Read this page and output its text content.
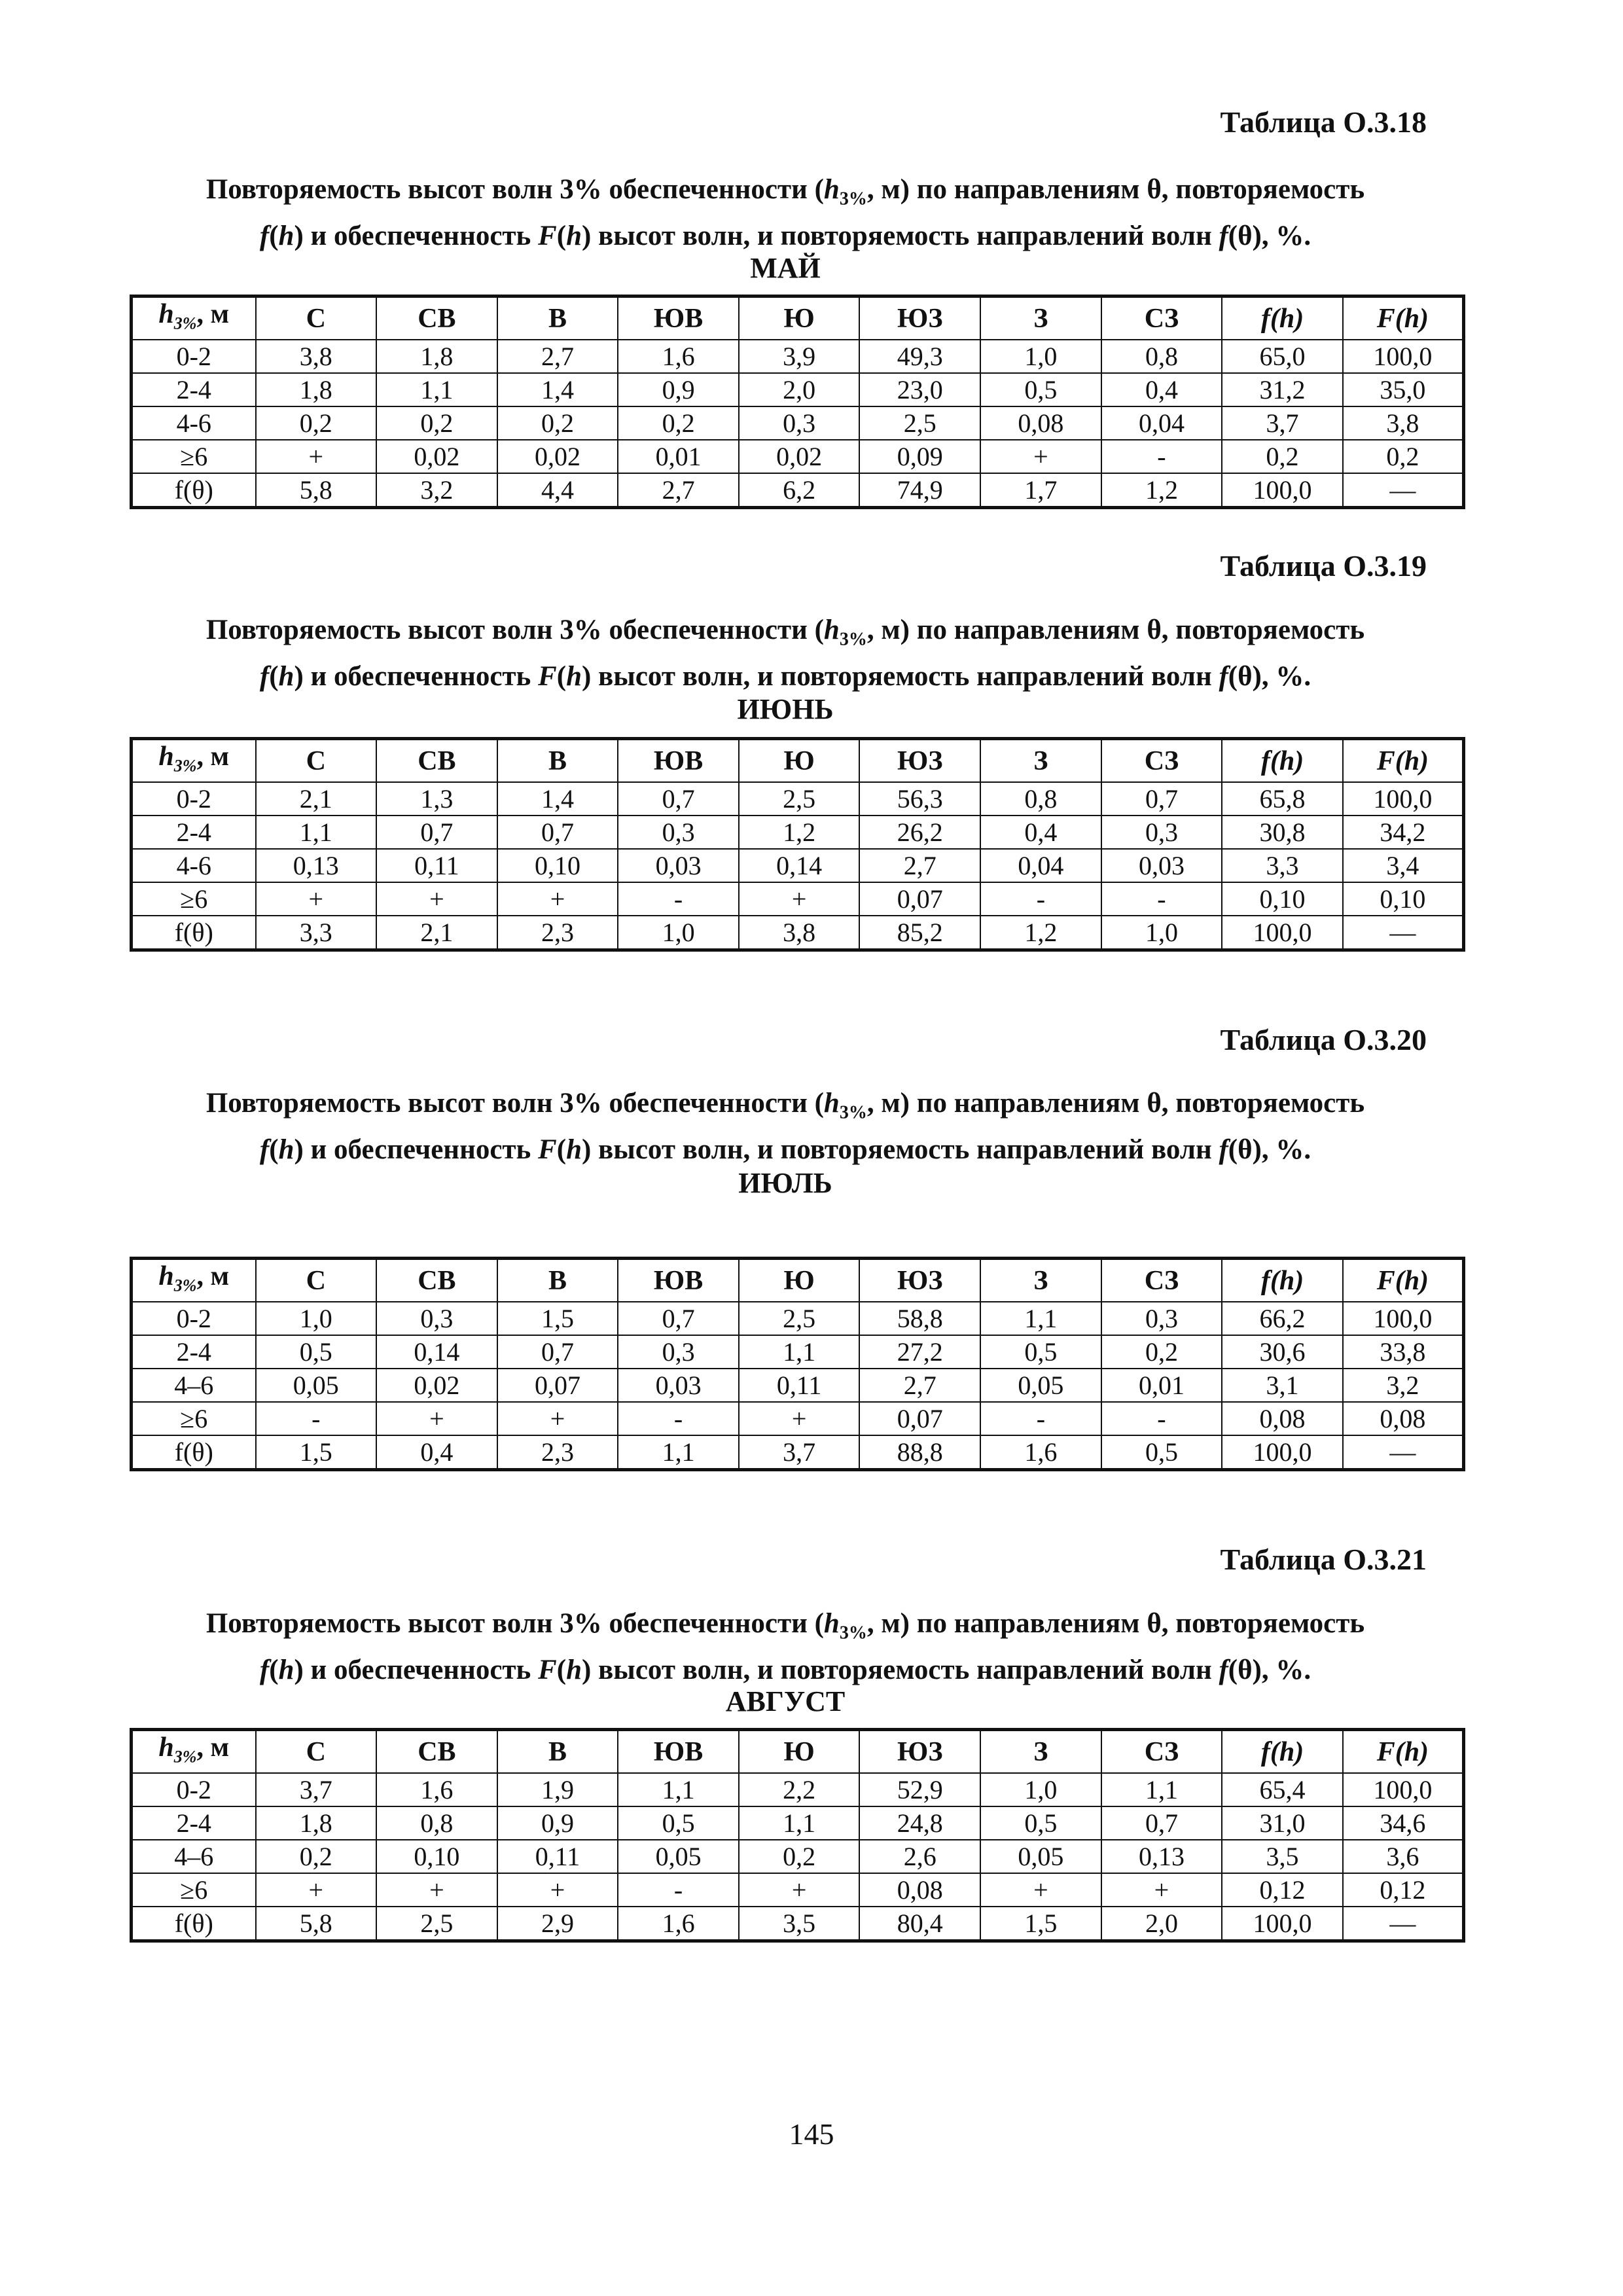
Таблица О.3.18
Повторяемость высот волн 3% обеспеченности ($h_{3\%}$, м) по направлениям θ, повторяемость
f(h) и обеспеченность F(h) высот волн, и повторяемость направлений волн f(θ), %.
МАЙ
$h_{3\%}$, м	С	СВ	В	ЮВ	Ю	ЮЗ	З	СЗ	f(h)	F(h)
0-2	3,8	1,8	2,7	1,6	3,9	49,3	1,0	0,8	65,0	100,0
2-4	1,8	1,1	1,4	0,9	2,0	23,0	0,5	0,4	31,2	35,0
4-6	0,2	0,2	0,2	0,2	0,3	2,5	0,08	0,04	3,7	3,8
≥6	+	0,02	0,02	0,01	0,02	0,09	+	-	0,2	0,2
f(θ)	5,8	3,2	4,4	2,7	6,2	74,9	1,7	1,2	100,0	—
Таблица О.3.19
Повторяемость высот волн 3% обеспеченности ($h_{3\%}$, м) по направлениям θ, повторяемость
f(h) и обеспеченность F(h) высот волн, и повторяемость направлений волн f(θ), %.
ИЮНЬ
$h_{3\%}$, м	С	СВ	В	ЮВ	Ю	ЮЗ	З	СЗ	f(h)	F(h)
0-2	2,1	1,3	1,4	0,7	2,5	56,3	0,8	0,7	65,8	100,0
2-4	1,1	0,7	0,7	0,3	1,2	26,2	0,4	0,3	30,8	34,2
4-6	0,13	0,11	0,10	0,03	0,14	2,7	0,04	0,03	3,3	3,4
≥6	+	+	+	-	+	0,07	-	-	0,10	0,10
f(θ)	3,3	2,1	2,3	1,0	3,8	85,2	1,2	1,0	100,0	—
Таблица О.3.20
Повторяемость высот волн 3% обеспеченности ($h_{3\%}$, м) по направлениям θ, повторяемость
f(h) и обеспеченность F(h) высот волн, и повторяемость направлений волн f(θ), %.
ИЮЛЬ
$h_{3\%}$, м	С	СВ	В	ЮВ	Ю	ЮЗ	З	СЗ	f(h)	F(h)
0-2	1,0	0,3	1,5	0,7	2,5	58,8	1,1	0,3	66,2	100,0
2-4	0,5	0,14	0,7	0,3	1,1	27,2	0,5	0,2	30,6	33,8
4–6	0,05	0,02	0,07	0,03	0,11	2,7	0,05	0,01	3,1	3,2
≥6	-	+	+	-	+	0,07	-	-	0,08	0,08
f(θ)	1,5	0,4	2,3	1,1	3,7	88,8	1,6	0,5	100,0	—
Таблица О.3.21
Повторяемость высот волн 3% обеспеченности ($h_{3\%}$, м) по направлениям θ, повторяемость
f(h) и обеспеченность F(h) высот волн, и повторяемость направлений волн f(θ), %.
АВГУСТ
$h_{3\%}$, м	С	СВ	В	ЮВ	Ю	ЮЗ	З	СЗ	f(h)	F(h)
0-2	3,7	1,6	1,9	1,1	2,2	52,9	1,0	1,1	65,4	100,0
2-4	1,8	0,8	0,9	0,5	1,1	24,8	0,5	0,7	31,0	34,6
4–6	0,2	0,10	0,11	0,05	0,2	2,6	0,05	0,13	3,5	3,6
≥6	+	+	+	-	+	0,08	+	+	0,12	0,12
f(θ)	5,8	2,5	2,9	1,6	3,5	80,4	1,5	2,0	100,0	—
145
